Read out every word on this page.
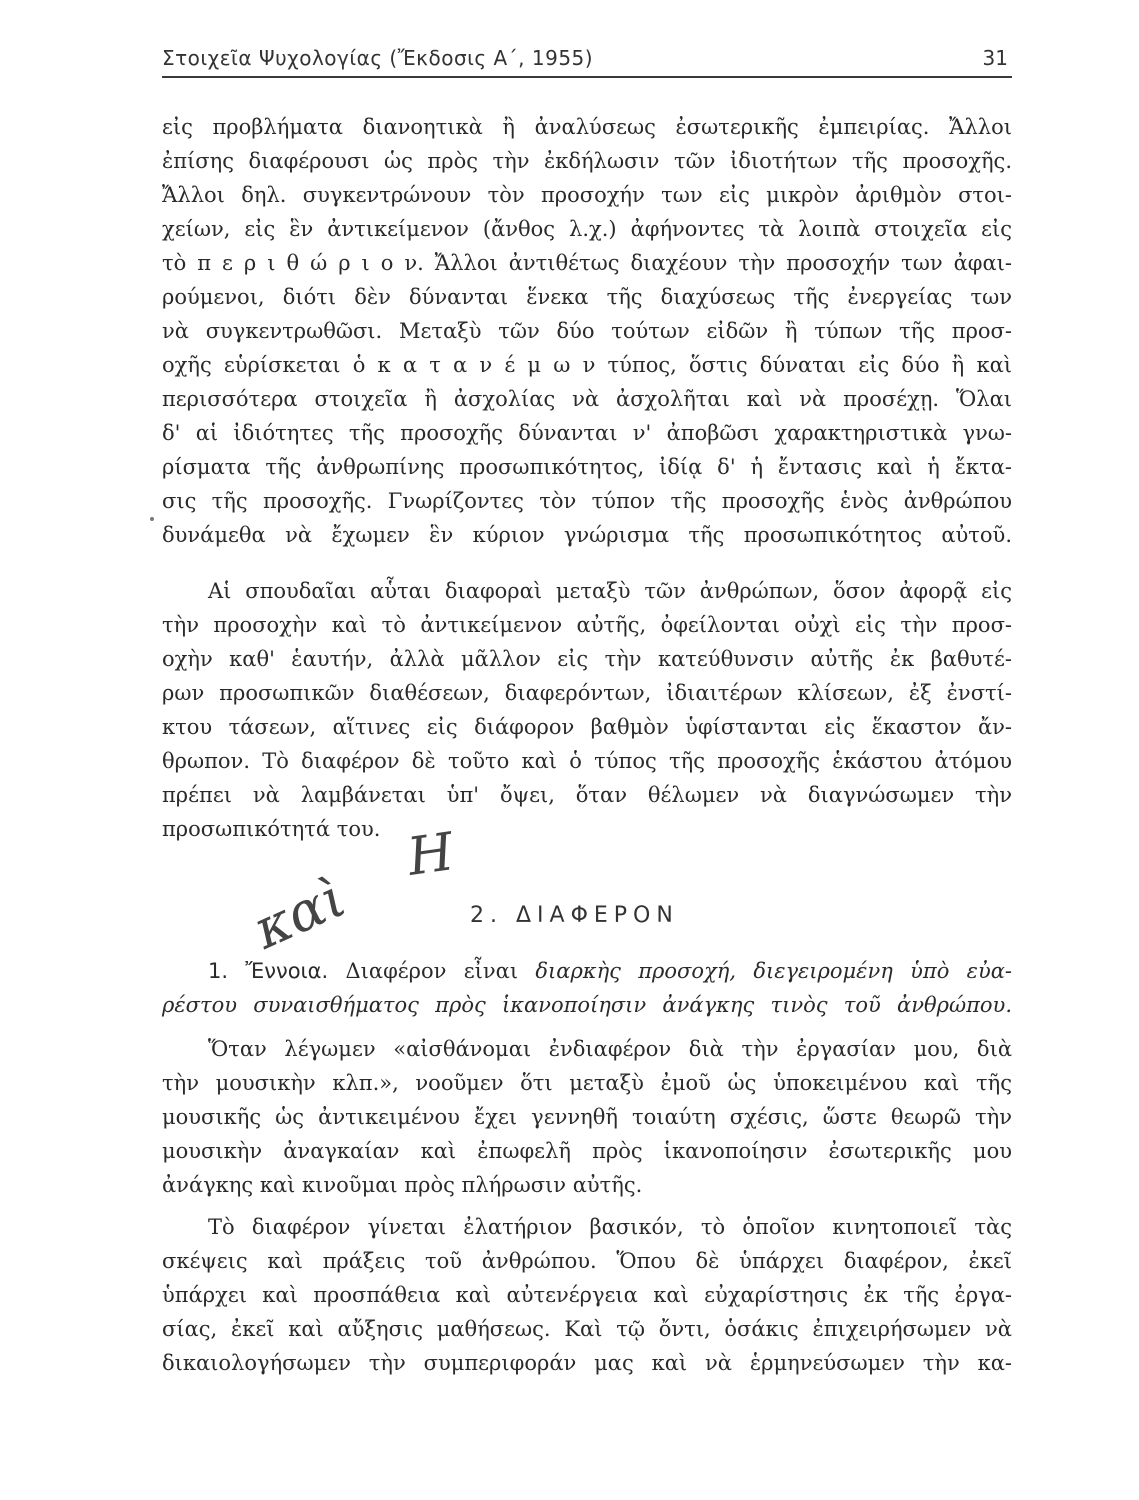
Στοιχεῖα Ψυχολογίας (Ἔκδοσις Α΄, 1955)	31
εἰς προβλήματα διανοητικὰ ἢ ἀναλύσεως ἐσωτερικῆς ἐμπειρίας. Ἄλλοι
ἐπίσης διαφέρουσι ὡς πρὸς τὴν ἐκδήλωσιν τῶν ἰδιοτήτων τῆς προσοχῆς.
Ἄλλοι δηλ. συγκεντρώνουν τὸν προσοχήν των εἰς μικρὸν ἀριθμὸν στοι-
χείων, εἰς ἓν ἀντικείμενον (ἄνθος λ.χ.) ἀφήνοντες τὰ λοιπὰ στοιχεῖα εἰς
τὸ π ε ρ ι θ ώ ρ ι ο ν. Ἄλλοι ἀντιθέτως διαχέουν τὴν προσοχήν των ἀφαι-
ρούμενοι, διότι δὲν δύνανται ἕνεκα τῆς διαχύσεως τῆς ἐνεργείας των
νὰ συγκεντρωθῶσι. Μεταξὺ τῶν δύο τούτων εἰδῶν ἢ τύπων τῆς προσ-
οχῆς εὑρίσκεται ὁ κ α τ α ν έ μ ω ν τύπος, ὅστις δύναται εἰς δύο ἢ καὶ
περισσότερα στοιχεῖα ἢ ἀσχολίας νὰ ἀσχολῆται καὶ νὰ προσέχῃ. Ὅλαι
δ' αἱ ἰδιότητες τῆς προσοχῆς δύνανται ν' ἀποβῶσι χαρακτηριστικὰ γνω-
ρίσματα τῆς ἀνθρωπίνης προσωπικότητος, ἰδίᾳ δ' ἡ ἔντασις καὶ ἡ ἔκτα-
σις τῆς προσοχῆς. Γνωρίζοντες τὸν τύπον τῆς προσοχῆς ἑνὸς ἀνθρώπου
δυνάμεθα νὰ ἔχωμεν ἓν κύριον γνώρισμα τῆς προσωπικότητος αὐτοῦ.
Αἱ σπουδαῖαι αὗται διαφοραὶ μεταξὺ τῶν ἀνθρώπων, ὅσον ἀφορᾷ εἰς
τὴν προσοχὴν καὶ τὸ ἀντικείμενον αὐτῆς, ὀφείλονται οὐχὶ εἰς τὴν προσ-
οχὴν καθ' ἑαυτήν, ἀλλὰ μᾶλλον εἰς τὴν κατεύθυνσιν αὐτῆς ἐκ βαθυτέ-
ρων προσωπικῶν διαθέσεων, διαφερόντων, ἰδιαιτέρων κλίσεων, ἐξ ἐνστί-
κτου τάσεων, αἵτινες εἰς διάφορον βαθμὸν ὑφίστανται εἰς ἕκαστον ἄν-
θρωπον. Τὸ διαφέρον δὲ τοῦτο καὶ ὁ τύπος τῆς προσοχῆς ἑκάστου ἀτόμου
πρέπει νὰ λαμβάνεται ὑπ' ὄψει, ὅταν θέλωμεν νὰ διαγνώσωμεν τὴν
προσωπικότητά του. Η
καὶ	2. ΔΙΑΦΕΡΟΝ
1. Ἔννοια. Διαφέρον εἶναι διαρκὴς προσοχή, διεγειρομένη ὑπὸ εὐα-
ρέστου συναισθήματος πρὸς ἱκανοποίησιν ἀνάγκης τινὸς τοῦ ἀνθρώπου.
Ὅταν λέγωμεν «αἰσθάνομαι ἐνδιαφέρον διὰ τὴν ἐργασίαν μου, διὰ
τὴν μουσικὴν κλπ.», νοοῦμεν ὅτι μεταξὺ ἐμοῦ ὡς ὑποκειμένου καὶ τῆς
μουσικῆς ὡς ἀντικειμένου ἔχει γεννηθῆ τοιαύτη σχέσις, ὥστε θεωρῶ τὴν
μουσικὴν ἀναγκαίαν καὶ ἐπωφελῆ πρὸς ἱκανοποίησιν ἐσωτερικῆς μου
ἀνάγκης καὶ κινοῦμαι πρὸς πλήρωσιν αὐτῆς.
Τὸ διαφέρον γίνεται ἐλατήριον βασικόν, τὸ ὁποῖον κινητοποιεῖ τὰς
σκέψεις καὶ πράξεις τοῦ ἀνθρώπου. Ὅπου δὲ ὑπάρχει διαφέρον, ἐκεῖ
ὑπάρχει καὶ προσπάθεια καὶ αὐτενέργεια καὶ εὐχαρίστησις ἐκ τῆς ἐργα-
σίας, ἐκεῖ καὶ αὔξησις μαθήσεως. Καὶ τῷ ὄντι, ὁσάκις ἐπιχειρήσωμεν νὰ
δικαιολογήσωμεν τὴν συμπεριφοράν μας καὶ νὰ ἑρμηνεύσωμεν τὴν κα-
